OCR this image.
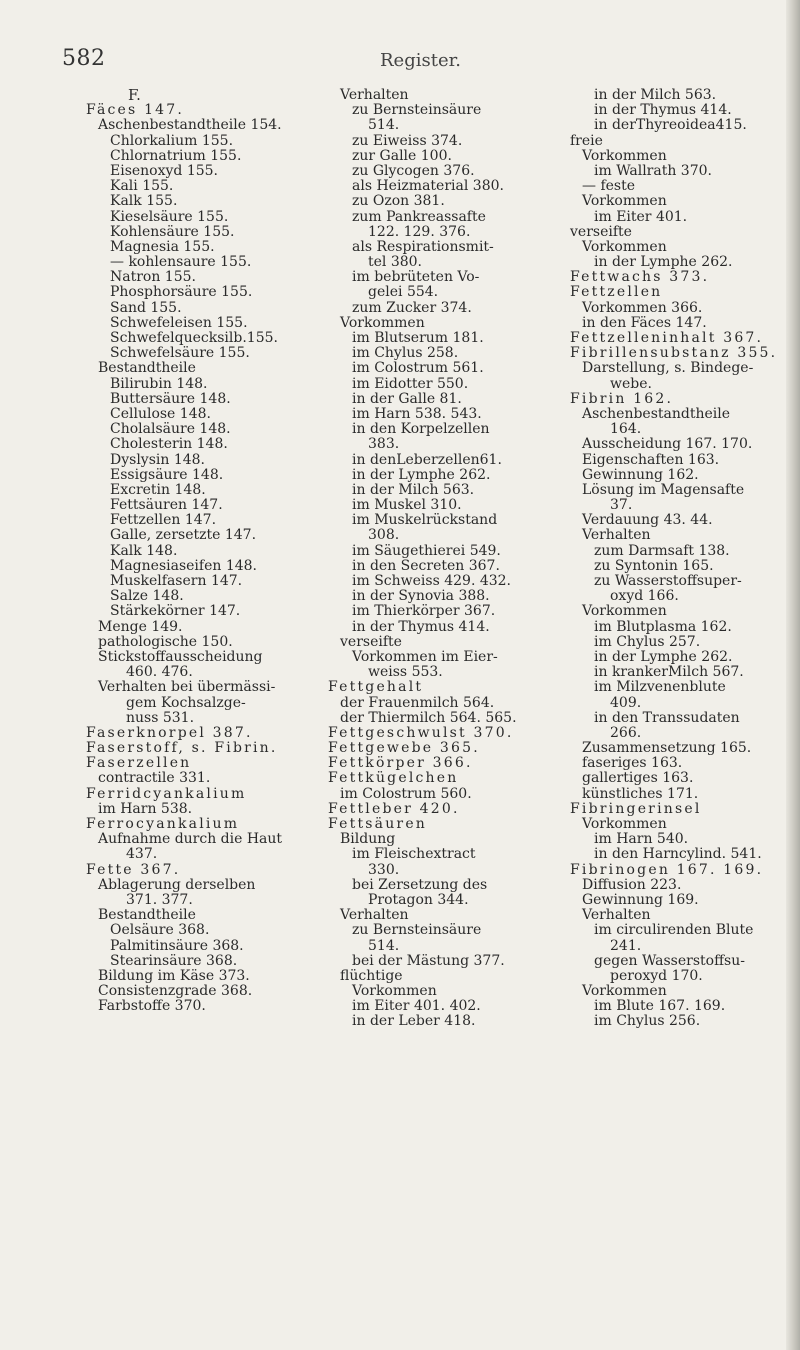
582	Register.
F.
Fäces 147.
Aschenbestandtheile 154.
Chlorkalium 155.
Chlornatrium 155.
Eisenoxyd 155.
Kali 155.
Kalk 155.
Kieselsäure 155.
Kohlensäure 155.
Magnesia 155.
— kohlensaure 155.
Natron 155.
Phosphorsäure 155.
Sand 155.
Schwefeleisen 155.
Schwefelquecksilb.155.
Schwefelsäure 155.
Bestandtheile
Bilirubin 148.
Buttersäure 148.
Cellulose 148.
Cholalsäure 148.
Cholesterin 148.
Dyslysin 148.
Essigsäure 148.
Excretin 148.
Fettsäuren 147.
Fettzellen 147.
Galle, zersetzte 147.
Kalk 148.
Magnesiaseifen 148.
Muskelfasern 147.
Salze 148.
Stärkekörner 147.
Menge 149.
pathologische 150.
Stickstoffausscheidung
460. 476.
Verhalten bei übermässi-
gem Kochsalzge-
nuss 531.
Faserknorpel 387.
Faserstoff, s. Fibrin.
Faserzellen
contractile 331.
Ferridcyankalium
im Harn 538.
Ferrocyankalium
Aufnahme durch die Haut
437.
Fette 367.
Ablagerung derselben
371. 377.
Bestandtheile
Oelsäure 368.
Palmitinsäure 368.
Stearinsäure 368.
Bildung im Käse 373.
Consistenzgrade 368.
Farbstoffe 370.
Verhalten
zu Bernsteinsäure
514.
zu Eiweiss 374.
zur Galle 100.
zu Glycogen 376.
als Heizmaterial 380.
zu Ozon 381.
zum Pankreassafte
122. 129. 376.
als Respirationsmit-
tel 380.
im bebrüteten Vo-
gelei 554.
zum Zucker 374.
Vorkommen
im Blutserum 181.
im Chylus 258.
im Colostrum 561.
im Eidotter 550.
in der Galle 81.
im Harn 538. 543.
in den Korpelzellen
383.
in denLeberzellen61.
in der Lymphe 262.
in der Milch 563.
im Muskel 310.
im Muskelrückstand
308.
im Säugethierei 549.
in den Secreten 367.
im Schweiss 429. 432.
in der Synovia 388.
im Thierkörper 367.
in der Thymus 414.
verseifte
Vorkommen im Eier-
weiss 553.
Fettgehalt
der Frauenmilch 564.
der Thiermilch 564. 565.
Fettgeschwulst 370.
Fettgewebe 365.
Fettkörper 366.
Fettkügelchen
im Colostrum 560.
Fettleber 420.
Fettsäuren
Bildung
im Fleischextract
330.
bei Zersetzung des
Protagon 344.
Verhalten
zu Bernsteinsäure
514.
bei der Mästung 377.
flüchtige
Vorkommen
im Eiter 401. 402.
in der Leber 418.
in der Milch 563.
in der Thymus 414.
in derThyreoidea415.
freie
Vorkommen
im Wallrath 370.
— feste
Vorkommen
im Eiter 401.
verseifte
Vorkommen
in der Lymphe 262.
Fettwachs 373.
Fettzellen
Vorkommen 366.
in den Fäces 147.
Fettzelleninhalt 367.
Fibrillensubstanz 355.
Darstellung, s. Bindege-
webe.
Fibrin 162.
Aschenbestandtheile
164.
Ausscheidung 167. 170.
Eigenschaften 163.
Gewinnung 162.
Lösung im Magensafte
37.
Verdauung 43. 44.
Verhalten
zum Darmsaft 138.
zu Syntonin 165.
zu Wasserstoffsuper-
oxyd 166.
Vorkommen
im Blutplasma 162.
im Chylus 257.
in der Lymphe 262.
in krankerMilch 567.
im Milzvenenblute
409.
in den Transsudaten
266.
Zusammensetzung 165.
faseriges 163.
gallertiges 163.
künstliches 171.
Fibringerinsel
Vorkommen
im Harn 540.
in den Harncylind. 541.
Fibrinogen 167. 169.
Diffusion 223.
Gewinnung 169.
Verhalten
im circulirenden Blute
241.
gegen Wasserstoffsu-
peroxyd 170.
Vorkommen
im Blute 167. 169.
im Chylus 256.
